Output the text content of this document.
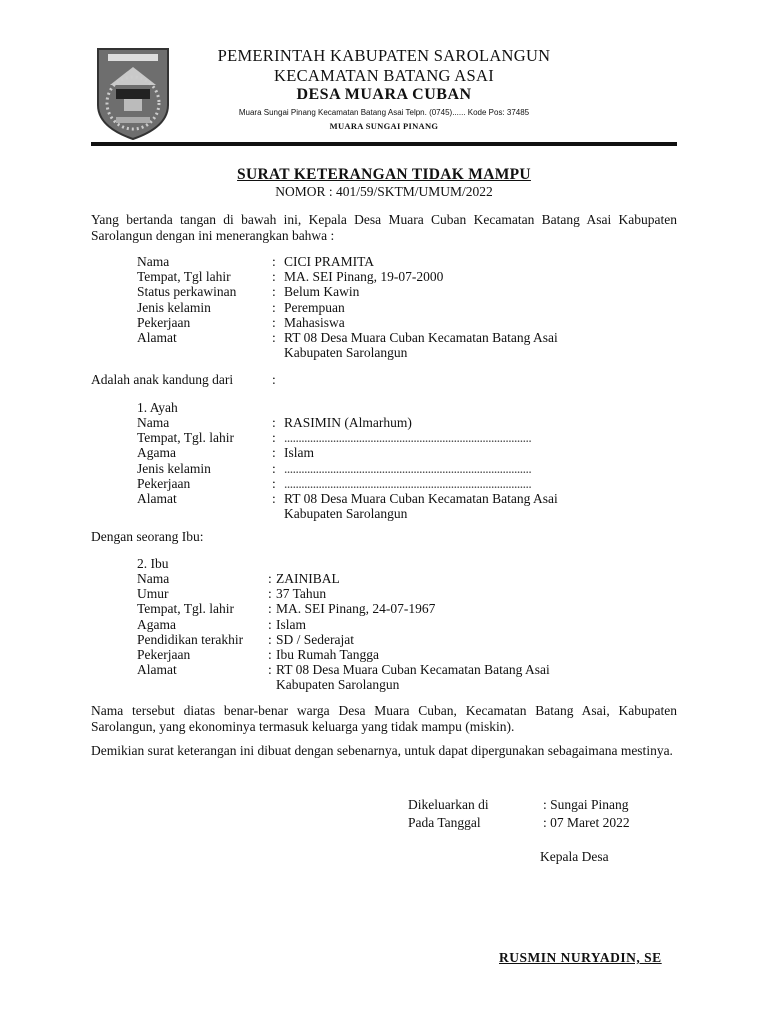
PEMERINTAH KABUPATEN SAROLANGUN
KECAMATAN BATANG ASAI
DESA MUARA CUBAN
Muara Sungai Pinang Kecamatan Batang Asai Telpn. (0745)...... Kode Pos: 37485
MUARA SUNGAI PINANG
SURAT KETERANGAN TIDAK MAMPU
NOMOR : 401/59/SKTM/UMUM/2022
Yang bertanda tangan di bawah ini, Kepala Desa Muara Cuban Kecamatan Batang Asai Kabupaten Sarolangun dengan ini menerangkan bahwa :
Nama	: CICI PRAMITA
Tempat, Tgl lahir	: MA. SEI Pinang, 19-07-2000
Status perkawinan	: Belum Kawin
Jenis kelamin	: Perempuan
Pekerjaan	: Mahasiswa
Alamat	: RT 08 Desa Muara Cuban Kecamatan Batang Asai
Kabupaten Sarolangun
Adalah anak kandung dari	:
1. Ayah
Nama	: RASIMIN (Almarhum)
Tempat, Tgl. lahir	: ......................................................................................
Agama	: Islam
Jenis kelamin	: ......................................................................................
Pekerjaan	: ......................................................................................
Alamat	: RT 08 Desa Muara Cuban Kecamatan Batang Asai
Kabupaten Sarolangun
Dengan seorang Ibu:
2. Ibu
Nama	: ZAINIBAL
Umur	: 37 Tahun
Tempat, Tgl. lahir	: MA. SEI Pinang, 24-07-1967
Agama	: Islam
Pendidikan terakhir : SD / Sederajat
Pekerjaan	: Ibu Rumah Tangga
Alamat	: RT 08 Desa Muara Cuban Kecamatan Batang Asai
Kabupaten Sarolangun
Nama tersebut diatas benar-benar warga Desa Muara Cuban, Kecamatan Batang Asai, Kabupaten Sarolangun, yang ekonominya termasuk keluarga yang tidak mampu (miskin).
Demikian surat keterangan ini dibuat dengan sebenarnya, untuk dapat dipergunakan sebagaimana mestinya.
Dikeluarkan di	: Sungai Pinang
Pada Tanggal	: 07 Maret 2022
Kepala Desa
RUSMIN NURYADIN, SE
